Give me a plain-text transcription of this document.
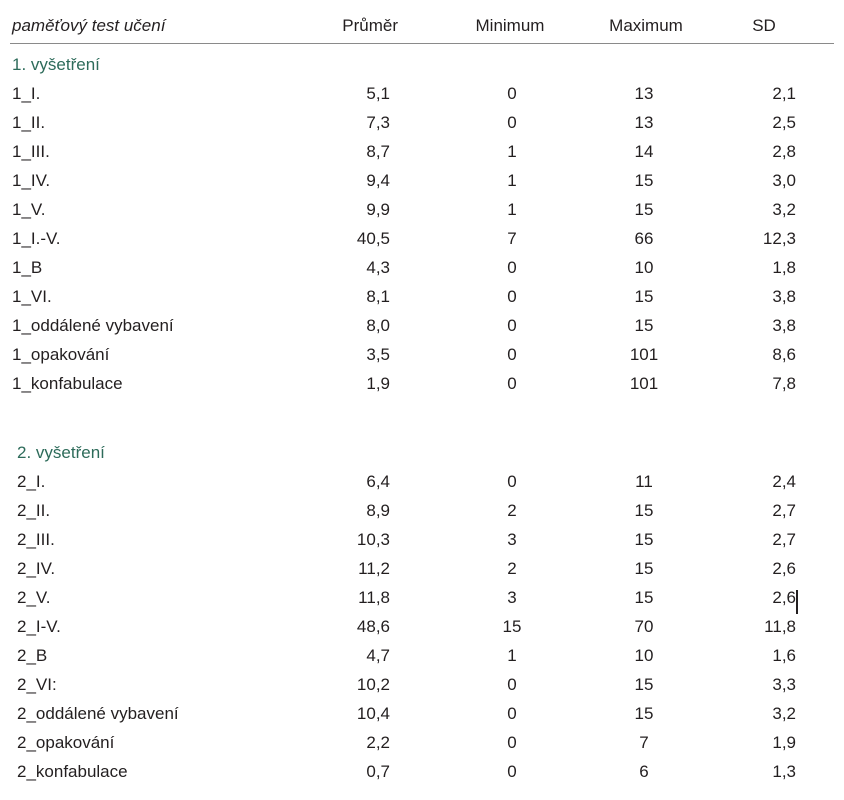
paměťový test učení	Průměr	Minimum	Maximum	SD
1. vyšetření
1_I.	5,1	0	13	2,1
1_II.	7,3	0	13	2,5
1_III.	8,7	1	14	2,8
1_IV.	9,4	1	15	3,0
1_V.	9,9	1	15	3,2
1_I.-V.	40,5	7	66	12,3
1_B	4,3	0	10	1,8
1_VI.	8,1	0	15	3,8
1_oddálené vybavení	8,0	0	15	3,8
1_opakování	3,5	0	101	8,6
1_konfabulace	1,9	0	101	7,8
2. vyšetření
2_I.	6,4	0	11	2,4
2_II.	8,9	2	15	2,7
2_III.	10,3	3	15	2,7
2_IV.	11,2	2	15	2,6
2_V.	11,8	3	15	2,6
2_I-V.	48,6	15	70	11,8
2_B	4,7	1	10	1,6
2_VI:	10,2	0	15	3,3
2_oddálené vybavení	10,4	0	15	3,2
2_opakování	2,2	0	7	1,9
2_konfabulace	0,7	0	6	1,3
